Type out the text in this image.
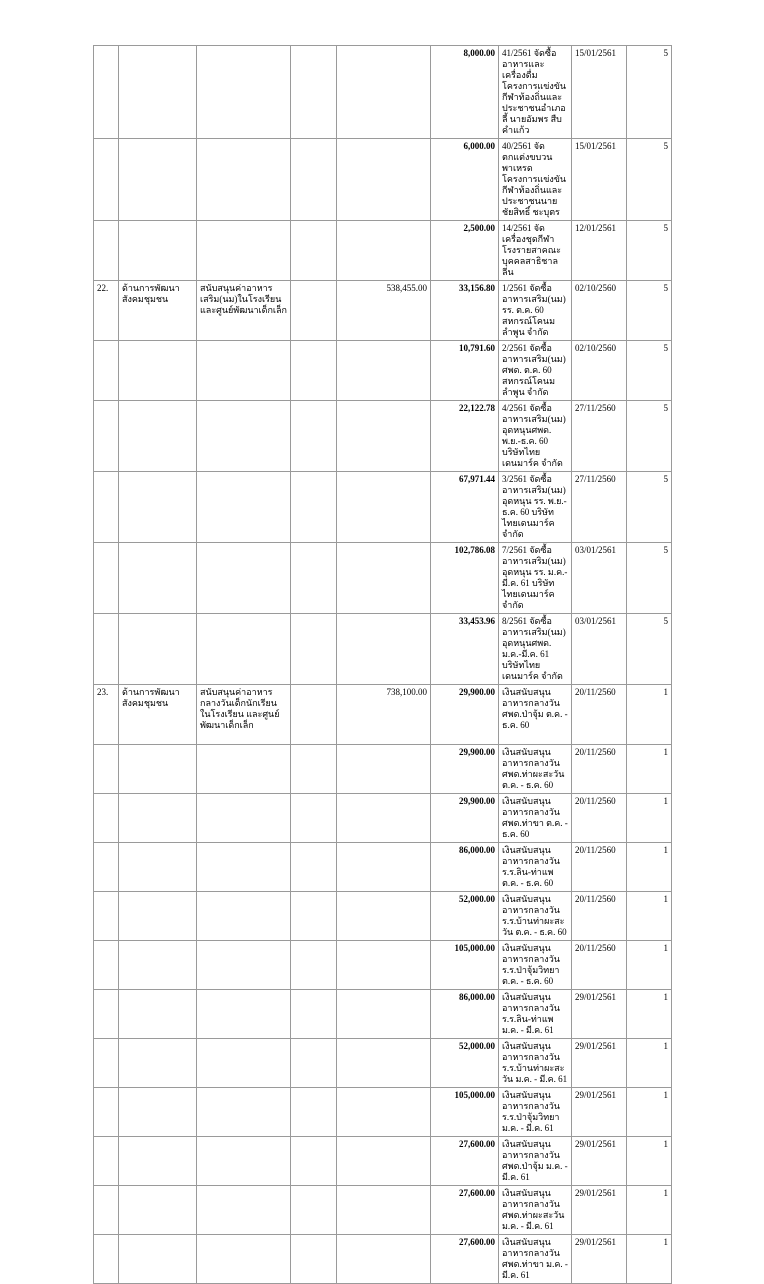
					8,000.00	41/2561 จัดซื้ออาหารและเครื่องดื่ม โครงการแข่งขันกีฬาท้องถิ่นและประชาชนอำเภอลี้ นายอัมพร สืบคำแก้ว	15/01/2561	5
					6,000.00	40/2561 จัดตกแต่งขบวนพาเหรดโครงการแข่งขันกีฬาท้องถิ่นและประชาชนนายชัยสิทธิ์ ชะบุตร	15/01/2561	5
					2,500.00	14/2561 จัดเครื่องชุดกีฬาโรงรายสาคณะบุคคลสาธิชาลลีน	12/01/2561	5
22.	ด้านการพัฒนาสังคมชุมชน	สนับสนุนค่าอาหารเสริม(นม)ในโรงเรียน และศูนย์พัฒนาเด็กเล็ก		538,455.00	33,156.80	1/2561 จัดซื้ออาหารเสริม(นม) รร. ต.ค. 60 สหกรณ์โคนมลำพูน จำกัด	02/10/2560	5
					10,791.60	2/2561 จัดซื้ออาหารเสริม(นม) ศพด. ต.ค. 60 สหกรณ์โคนมลำพูน จำกัด	02/10/2560	5
					22,122.78	4/2561 จัดซื้ออาหารเสริม(นม) อุดหนุนศพด. พ.ย.-ธ.ค. 60 บริษัทไทยเดนมาร์ค จำกัด	27/11/2560	5
					67,971.44	3/2561 จัดซื้ออาหารเสริม(นม) อุดหนุน รร. พ.ย.-ธ.ค. 60 บริษัทไทยเดนมาร์ค จำกัด	27/11/2560	5
					102,786.08	7/2561 จัดซื้ออาหารเสริม(นม) อุดหนุน รร. ม.ค.-มี.ค. 61 บริษัทไทยเดนมาร์ค จำกัด	03/01/2561	5
					33,453.96	8/2561 จัดซื้ออาหารเสริม(นม) อุดหนุนศพด. ม.ค.-มี.ค. 61 บริษัทไทยเดนมาร์ค จำกัด	03/01/2561	5
23.	ด้านการพัฒนาสังคมชุมชน	สนับสนุนค่าอาหารกลางวันเด็กนักเรียนในโรงเรียน และศูนย์พัฒนาเด็กเล็ก		738,100.00	29,900.00	เงินสนับสนุนอาหารกลางวัน ศพด.ป่าจุ้ม ต.ค. - ธ.ค. 60	20/11/2560	1
					29,900.00	เงินสนับสนุนอาหารกลางวัน ศพด.ท่าผะสะวัน ต.ค. - ธ.ค. 60	20/11/2560	1
					29,900.00	เงินสนับสนุนอาหารกลางวัน ศพด.ท่าขา ต.ค. - ธ.ค. 60	20/11/2560	1
					86,000.00	เงินสนับสนุนอาหารกลางวัน ร.ร.ลิน-ท่าแพ ต.ค. - ธ.ค. 60	20/11/2560	1
					52,000.00	เงินสนับสนุนอาหารกลางวัน ร.ร.บ้านท่าผะสะวัน ต.ค. - ธ.ค. 60	20/11/2560	1
					105,000.00	เงินสนับสนุนอาหารกลางวัน ร.ร.ป่าจุ้มวิทยา ต.ค. - ธ.ค. 60	20/11/2560	1
					86,000.00	เงินสนับสนุนอาหารกลางวัน ร.ร.ลิน-ท่าแพ ม.ค. - มี.ค. 61	29/01/2561	1
					52,000.00	เงินสนับสนุนอาหารกลางวัน ร.ร.บ้านท่าผะสะวัน ม.ค. - มี.ค. 61	29/01/2561	1
					105,000.00	เงินสนับสนุนอาหารกลางวัน ร.ร.ป่าจุ้มวิทยา ม.ค. - มี.ค. 61	29/01/2561	1
					27,600.00	เงินสนับสนุนอาหารกลางวัน ศพด.ป่าจุ้ม ม.ค. - มี.ค. 61	29/01/2561	1
					27,600.00	เงินสนับสนุนอาหารกลางวัน ศพด.ท่าผะสะวัน ม.ค. - มี.ค. 61	29/01/2561	1
					27,600.00	เงินสนับสนุนอาหารกลางวัน ศพด.ท่าขา ม.ค. - มี.ค. 61	29/01/2561	1
